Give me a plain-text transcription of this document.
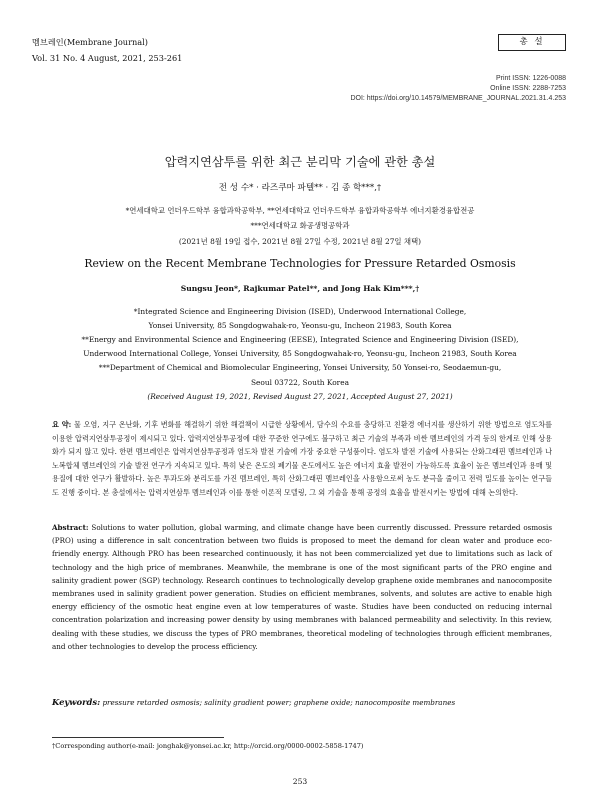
멤브레인(Membrane Journal)
Vol. 31 No. 4 August, 2021, 253-261
총 설
Print ISSN: 1226-0088
Online ISSN: 2288-7253
DOI: https://doi.org/10.14579/MEMBRANE_JOURNAL.2021.31.4.253
압력지연삼투를 위한 최근 분리막 기술에 관한 총설
전 성 수* · 라즈쿠마 파텔** · 김 종 학***,†
*연세대학교 언더우드학부 융합과학공학부, **연세대학교 언더우드학부 융합과학공학부 에너지환경융합전공
***연세대학교 화공생명공학과
(2021년 8월 19일 접수, 2021년 8월 27일 수정, 2021년 8월 27일 채택)
Review on the Recent Membrane Technologies for Pressure Retarded Osmosis
Sungsu Jeon*, Rajkumar Patel**, and Jong Hak Kim***,†
*Integrated Science and Engineering Division (ISED), Underwood International College,
Yonsei University, 85 Songdogwahak-ro, Yeonsu-gu, Incheon 21983, South Korea
**Energy and Environmental Science and Engineering (EESE), Integrated Science and Engineering Division (ISED),
Underwood International College, Yonsei University, 85 Songdogwahak-ro, Yeonsu-gu, Incheon 21983, South Korea
***Department of Chemical and Biomolecular Engineering, Yonsei University, 50 Yonsei-ro, Seodaemun-gu,
Seoul 03722, South Korea
(Received August 19, 2021, Revised August 27, 2021, Accepted August 27, 2021)
요 약: 물 오염, 지구 온난화, 기후 변화를 해결하기 위한 해결책이 시급한 상황에서, 담수의 수요를 충당하고 친환경 에너지를 생산하기 위한 방법으로 염도차를 이용한 압력지연삼투공정이 제시되고 있다. 압력지연삼투공정에 대한 꾸준한 연구에도 불구하고 최근 기술의 부족과 비싼 멤브레인의 가격 등의 한계로 인해 상용화가 되지 않고 있다. 한편 멤브레인은 압력지연삼투공정과 염도차 발전 기술에 가장 중요한 구성품이다. 염도차 발전 기술에 사용되는 산화그래핀 멤브레인과 나노복합체 멤브레인의 기술 발전 연구가 지속되고 있다. 특히 낮은 온도의 폐기물 온도에서도 높은 에너지 효율 발전이 가능하도록 효율이 높은 멤브레인과 용매 및 용질에 대한 연구가 활발하다. 높은 투과도와 분리도를 가진 멤브레인, 특히 산화그래핀 멤브레인을 사용함으로써 농도 분극을 줄이고 전력 밀도를 높이는 연구들도 진행 중이다. 본 총설에서는 압력지연삼투 멤브레인과 이를 통한 이론적 모델링, 그 외 기술을 통해 공정의 효율을 발전시키는 방법에 대해 논의한다.
Abstract: Solutions to water pollution, global warming, and climate change have been currently discussed. Pressure retarded osmosis (PRO) using a difference in salt concentration between two fluids is proposed to meet the demand for clean water and produce eco-friendly energy. Although PRO has been researched continuously, it has not been commercialized yet due to limitations such as lack of technology and the high price of membranes. Meanwhile, the membrane is one of the most significant parts of the PRO engine and salinity gradient power (SGP) technology. Research continues to technologically develop graphene oxide membranes and nanocomposite membranes used in salinity gradient power generation. Studies on efficient membranes, solvents, and solutes are active to enable high energy efficiency of the osmotic heat engine even at low temperatures of waste. Studies have been conducted on reducing internal concentration polarization and increasing power density by using membranes with balanced permeability and selectivity. In this review, dealing with these studies, we discuss the types of PRO membranes, theoretical modeling of technologies through efficient membranes, and other technologies to develop the process efficiency.
Keywords: pressure retarded osmosis; salinity gradient power; graphene oxide; nanocomposite membranes
†Corresponding author(e-mail: jonghak@yonsei.ac.kr, http://orcid.org/0000-0002-5858-1747)
253
